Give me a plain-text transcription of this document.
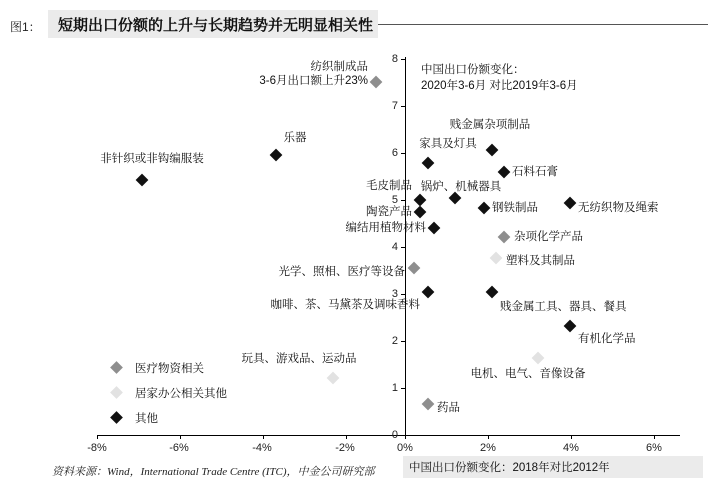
图1： 短期出口份额的上升与长期趋势并无明显相关性
0
1
2
3
4
5
6
7
8
-8%	-6%	-4%	-2%	0%	2%	4%	6%
中国出口份额变化：
2020年3-6月 对比2019年3-6月
纺织制成品
3-6月出口额上升23%
乐器
贱金属杂项制品
非针织或非钩编服装
家具及灯具
石料石膏
锅炉、机械器具
毛皮制品
陶瓷产品	钢铁制品	无纺织物及绳索
编结用植物材料
杂项化学产品
塑料及其制品
光学、照相、医疗等设备
咖啡、茶、马黛茶及调味香料	贱金属工具、器具、餐具
有机化学品
电机、电气、音像设备
玩具、游戏品、运动品
药品
医疗物资相关
居家办公相关其他
其他
资料来源：Wind，International Trade Centre (ITC)，中金公司研究部	中国出口份额变化：2018年对比2012年
